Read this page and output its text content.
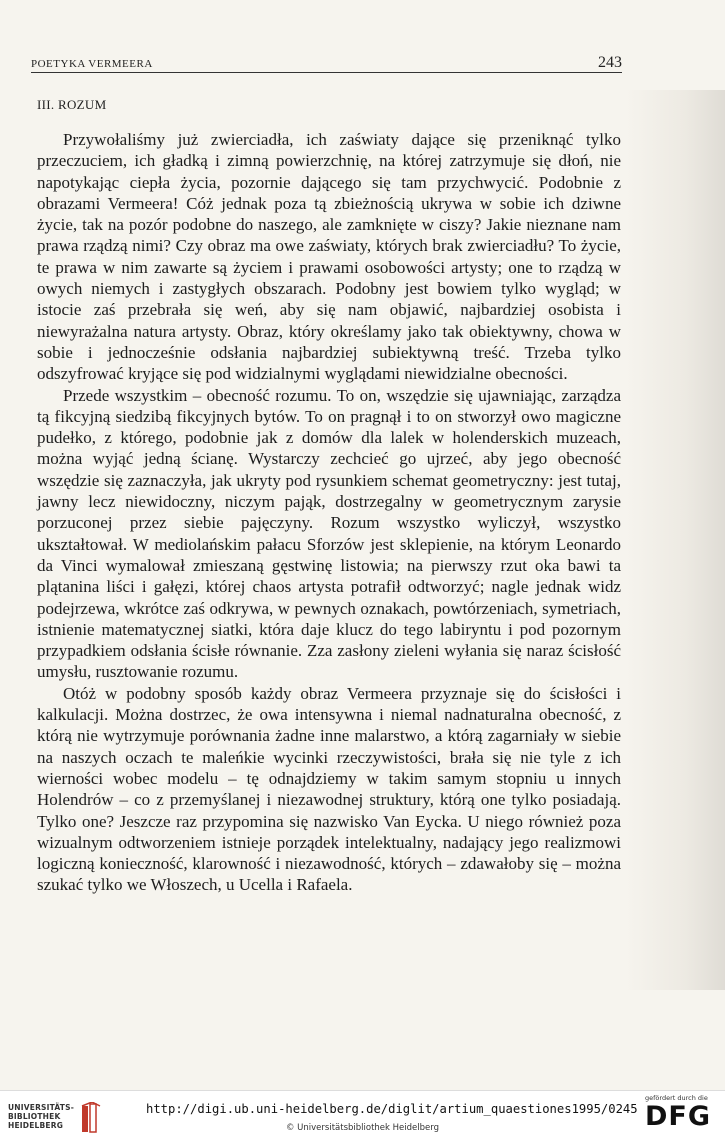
POETYKA VERMEERA	243
III. ROZUM

Przywołaliśmy już zwierciadła, ich zaświaty dające się przeniknąć tylko przeczuciem, ich gładką i zimną powierzchnię, na której zatrzymuje się dłoń, nie napotykając ciepła życia, pozornie dającego się tam przychwycić. Podobnie z obrazami Vermeera! Cóż jednak poza tą zbieżnością ukrywa w sobie ich dziwne życie, tak na pozór podobne do naszego, ale zamknięte w ciszy? Jakie nieznane nam prawa rządzą nimi? Czy obraz ma owe zaświaty, których brak zwierciadłu? To życie, te prawa w nim zawarte są życiem i prawami osobowości artysty; one to rządzą w owych niemych i zastygłych obszarach. Podobny jest bowiem tylko wygląd; w istocie zaś przebrała się weń, aby się nam objawić, najbardziej osobista i niewyrażalna natura artysty. Obraz, który określamy jako tak obiektywny, chowa w sobie i jednocześnie odsłania najbardziej subiektywną treść. Trzeba tylko odszyfrować kryjące się pod widzialnymi wyglądami niewidzialne obecności.

Przede wszystkim – obecność rozumu. To on, wszędzie się ujawniając, zarządza tą fikcyjną siedzibą fikcyjnych bytów. To on pragnął i to on stworzył owo magiczne pudełko, z którego, podobnie jak z domów dla lalek w holenderskich muzeach, można wyjąć jedną ścianę. Wystarczy zechcieć go ujrzeć, aby jego obecność wszędzie się zaznaczyła, jak ukryty pod rysunkiem schemat geometryczny: jest tutaj, jawny lecz niewidoczny, niczym pająk, dostrzegalny w geometrycznym zarysie porzuconej przez siebie pajęczyny. Rozum wszystko wyliczył, wszystko ukształtował. W mediolańskim pałacu Sforzów jest sklepienie, na którym Leonardo da Vinci wymalował zmieszaną gęstwinę listowia; na pierwszy rzut oka bawi ta plątanina liści i gałęzi, której chaos artysta potrafił odtworzyć; nagle jednak widz podejrzewa, wkrótce zaś odkrywa, w pewnych oznakach, powtórzeniach, symetriach, istnienie matematycznej siatki, która daje klucz do tego labiryntu i pod pozornym przypadkiem odsłania ścisłe równanie. Zza zasłony zieleni wyłania się naraz ścisłość umysłu, rusztowanie rozumu.

Otóż w podobny sposób każdy obraz Vermeera przyznaje się do ścisłości i kalkulacji. Można dostrzec, że owa intensywna i niemal nadnaturalna obecność, z którą nie wytrzymuje porównania żadne inne malarstwo, a którą zagarniały w siebie na naszych oczach te maleńkie wycinki rzeczywistości, brała się nie tyle z ich wierności wobec modelu – tę odnajdziemy w takim samym stopniu u innych Holendrów – co z przemyślanej i niezawodnej struktury, którą one tylko posiadają. Tylko one? Jeszcze raz przypomina się nazwisko Van Eycka. U niego również poza wizualnym odtworzeniem istnieje porządek intelektualny, nadający jego realizmowi logiczną konieczność, klarowność i niezawodność, których – zdawałoby się – można szukać tylko we Włoszech, u Ucella i Rafaela.

UNIVERSITÄTS-
BIBLIOTHEK
HEIDELBERG
http://digi.ub.uni-heidelberg.de/diglit/artium_quaestiones1995/0245
© Universitätsbibliothek Heidelberg
gefördert durch die
DFG
